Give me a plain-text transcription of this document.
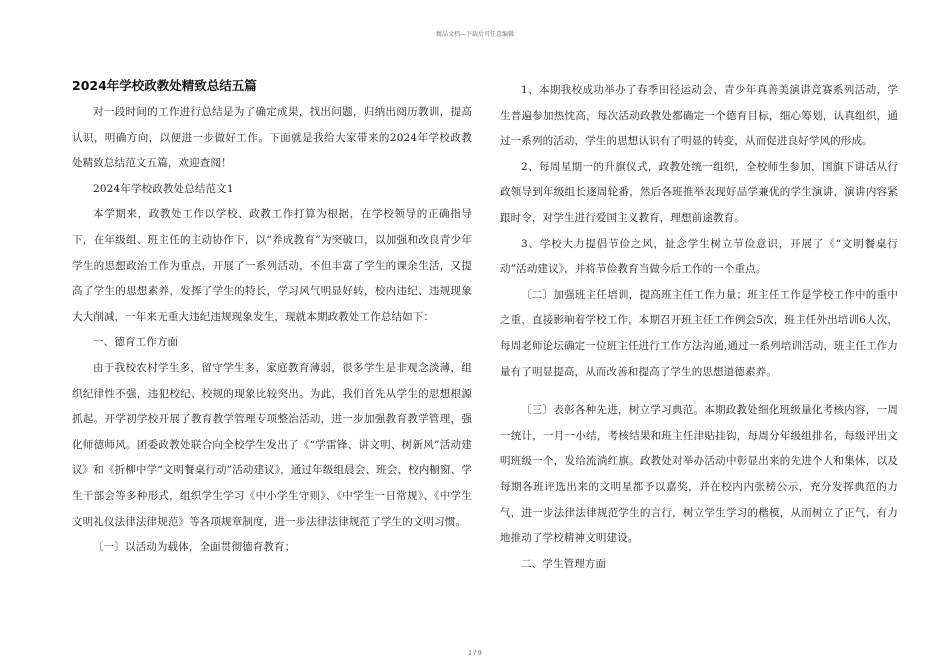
精品文档---下载后可任意编辑
2024年学校政教处精致总结五篇

对一段时间的工作进行总结是为了确定成果，找出问题，归纳出阅历教训，提高认识，明确方向，以便进一步做好工作。下面就是我给大家带来的2024年学校政教处精致总结范文五篇，欢迎查阅！

2024年学校政教处总结范文1

本学期来，政教处工作以学校、政教工作打算为根据，在学校领导的正确指导下，在年级组、班主任的主动协作下，以“养成教育”为突破口，以加强和改良青少年学生的思想政治工作为重点，开展了一系列活动，不但丰富了学生的课余生活，又提高了学生的思想素养，发挥了学生的特长，学习风气明显好转，校内违纪、违规现象大大削减，一年来无重大违纪违规现象发生，现就本期政教处工作总结如下：

一、德育工作方面

由于我校农村学生多，留守学生多，家庭教育薄弱，很多学生是非观念淡薄，组织纪律性不强，违犯校纪、校规的现象比较突出。为此，我们首先从学生的思想根源抓起。开学初学校开展了教育教学管理专项整治活动，进一步加强教育教学管理，强化师德师风。团委政教处联合向全校学生发出了《“学雷锋、讲文明、树新风”活动建议》和《折柳中学“文明餐桌行动”活动建议》，通过年级组晨会、班会、校内橱窗、学生干部会等多种形式，组织学生学习《中小学生守则》、《中学生一日常规》、《中学生文明礼仪法律法律规范》等各项规章制度，进一步法律法律规范了学生的文明习惯。

〔一〕以活动为载体，全面贯彻德育教育；

1、本期我校成功举办了春季田径运动会、青少年真善美演讲竞赛系列活动，学生普遍参加热忱高，每次活动政教处都确定一个德育目标，细心筹划，认真组织，通过一系列的活动，学生的思想认识有了明显的转变，从而促进良好学风的形成。

2、每周星期一的升旗仪式，政教处统一组织，全校师生参加，国旗下讲话从行政领导到年级组长逐周轮番，然后各班推举表现好品学兼优的学生演讲，演讲内容紧跟时令，对学生进行爱国主义教育，理想前途教育。

3、学校大力提倡节俭之风，扯念学生树立节俭意识，开展了《“文明餐桌行动”活动建议》，并将节俭教育当做今后工作的一个重点。

〔二〕加强班主任培训，提高班主任工作力量；班主任工作是学校工作中的重中之重，直接影响着学校工作，本期召开班主任工作例会5次，班主任外出培训6人次，每周老师论坛确定一位班主任进行工作方法沟通,通过一系列培训活动，班主任工作力量有了明显提高，从而改善和提高了学生的思想道德素养。

〔三〕表彰各种先进，树立学习典范。本期政教处细化班级量化考核内容，一周一统计，一月一小结，考核结果和班主任津贴挂钩，每周分年级组排名，每级评出文明班级一个，发给流淌红旗。政教处对举办活动中彰显出来的先进个人和集体，以及每期各班评选出来的文明星都予以嘉奖，并在校内内张榜公示，充分发挥典范的力气，进一步法律法律规范学生的言行，树立学生学习的楷模，从而树立了正气，有力地推动了学校精神文明建设。

二、学生管理方面

1 / 9
